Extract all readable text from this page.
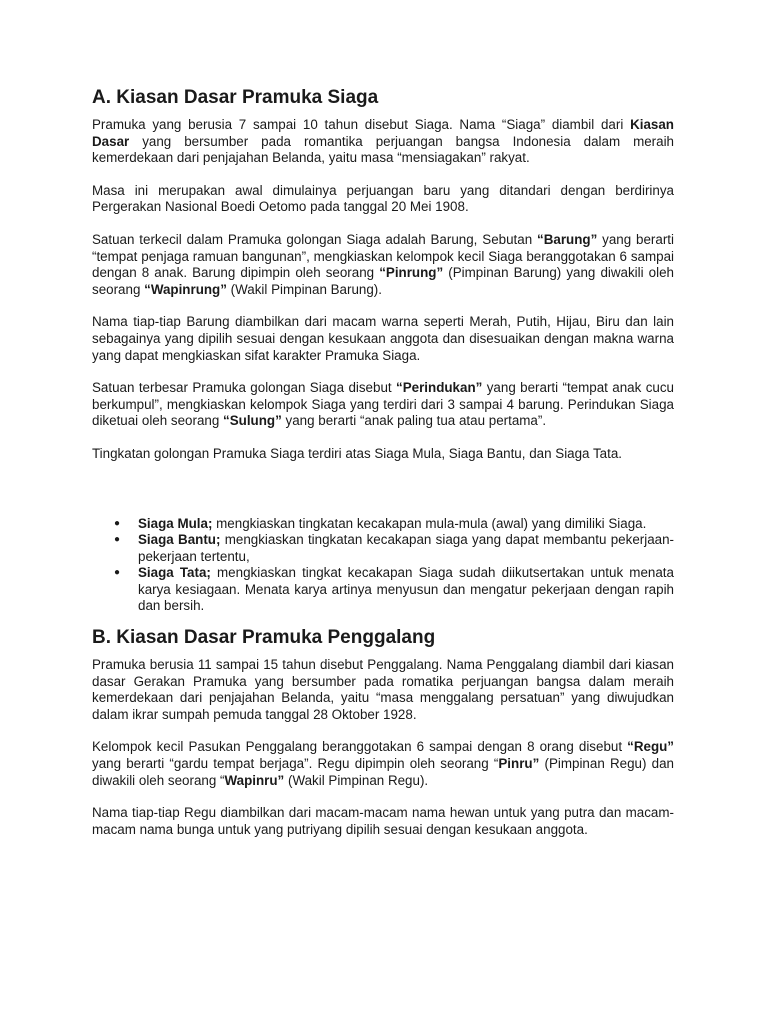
A. Kiasan Dasar Pramuka Siaga

Pramuka yang berusia 7 sampai 10 tahun disebut Siaga. Nama “Siaga” diambil dari Kiasan Dasar yang bersumber pada romantika perjuangan bangsa Indonesia dalam meraih kemerdekaan dari penjajahan Belanda, yaitu masa “mensiagakan” rakyat.

Masa ini merupakan awal dimulainya perjuangan baru yang ditandari dengan berdirinya Pergerakan Nasional Boedi Oetomo pada tanggal 20 Mei 1908.

Satuan terkecil dalam Pramuka golongan Siaga adalah Barung, Sebutan “Barung” yang berarti “tempat penjaga ramuan bangunan”, mengkiaskan kelompok kecil Siaga beranggotakan 6 sampai dengan 8 anak. Barung dipimpin oleh seorang “Pinrung” (Pimpinan Barung) yang diwakili oleh seorang “Wapinrung” (Wakil Pimpinan Barung).

Nama tiap-tiap Barung diambilkan dari macam warna seperti Merah, Putih, Hijau, Biru dan lain sebagainya yang dipilih sesuai dengan kesukaan anggota dan disesuaikan dengan makna warna yang dapat mengkiaskan sifat karakter Pramuka Siaga.

Satuan terbesar Pramuka golongan Siaga disebut “Perindukan” yang berarti “tempat anak cucu berkumpul”, mengkiaskan kelompok Siaga yang terdiri dari 3 sampai 4 barung. Perindukan Siaga diketuai oleh seorang “Sulung” yang berarti “anak paling tua atau pertama”.

Tingkatan golongan Pramuka Siaga terdiri atas Siaga Mula, Siaga Bantu, dan Siaga Tata.

● Siaga Mula; mengkiaskan tingkatan kecakapan mula-mula (awal) yang dimiliki Siaga.
● Siaga Bantu; mengkiaskan tingkatan kecakapan siaga yang dapat membantu pekerjaan-pekerjaan tertentu,
● Siaga Tata; mengkiaskan tingkat kecakapan Siaga sudah diikutsertakan untuk menata karya kesiagaan. Menata karya artinya menyusun dan mengatur pekerjaan dengan rapih dan bersih.
B. Kiasan Dasar Pramuka Penggalang

Pramuka berusia 11 sampai 15 tahun disebut Penggalang. Nama Penggalang diambil dari kiasan dasar Gerakan Pramuka yang bersumber pada romatika perjuangan bangsa dalam meraih kemerdekaan dari penjajahan Belanda, yaitu “masa menggalang persatuan” yang diwujudkan dalam ikrar sumpah pemuda tanggal 28 Oktober 1928.

Kelompok kecil Pasukan Penggalang beranggotakan 6 sampai dengan 8 orang disebut “Regu” yang berarti “gardu tempat berjaga”. Regu dipimpin oleh seorang “Pinru” (Pimpinan Regu) dan diwakili oleh seorang “Wapinru” (Wakil Pimpinan Regu).

Nama tiap-tiap Regu diambilkan dari macam-macam nama hewan untuk yang putra dan macam-macam nama bunga untuk yang putriyang dipilih sesuai dengan kesukaan anggota.
